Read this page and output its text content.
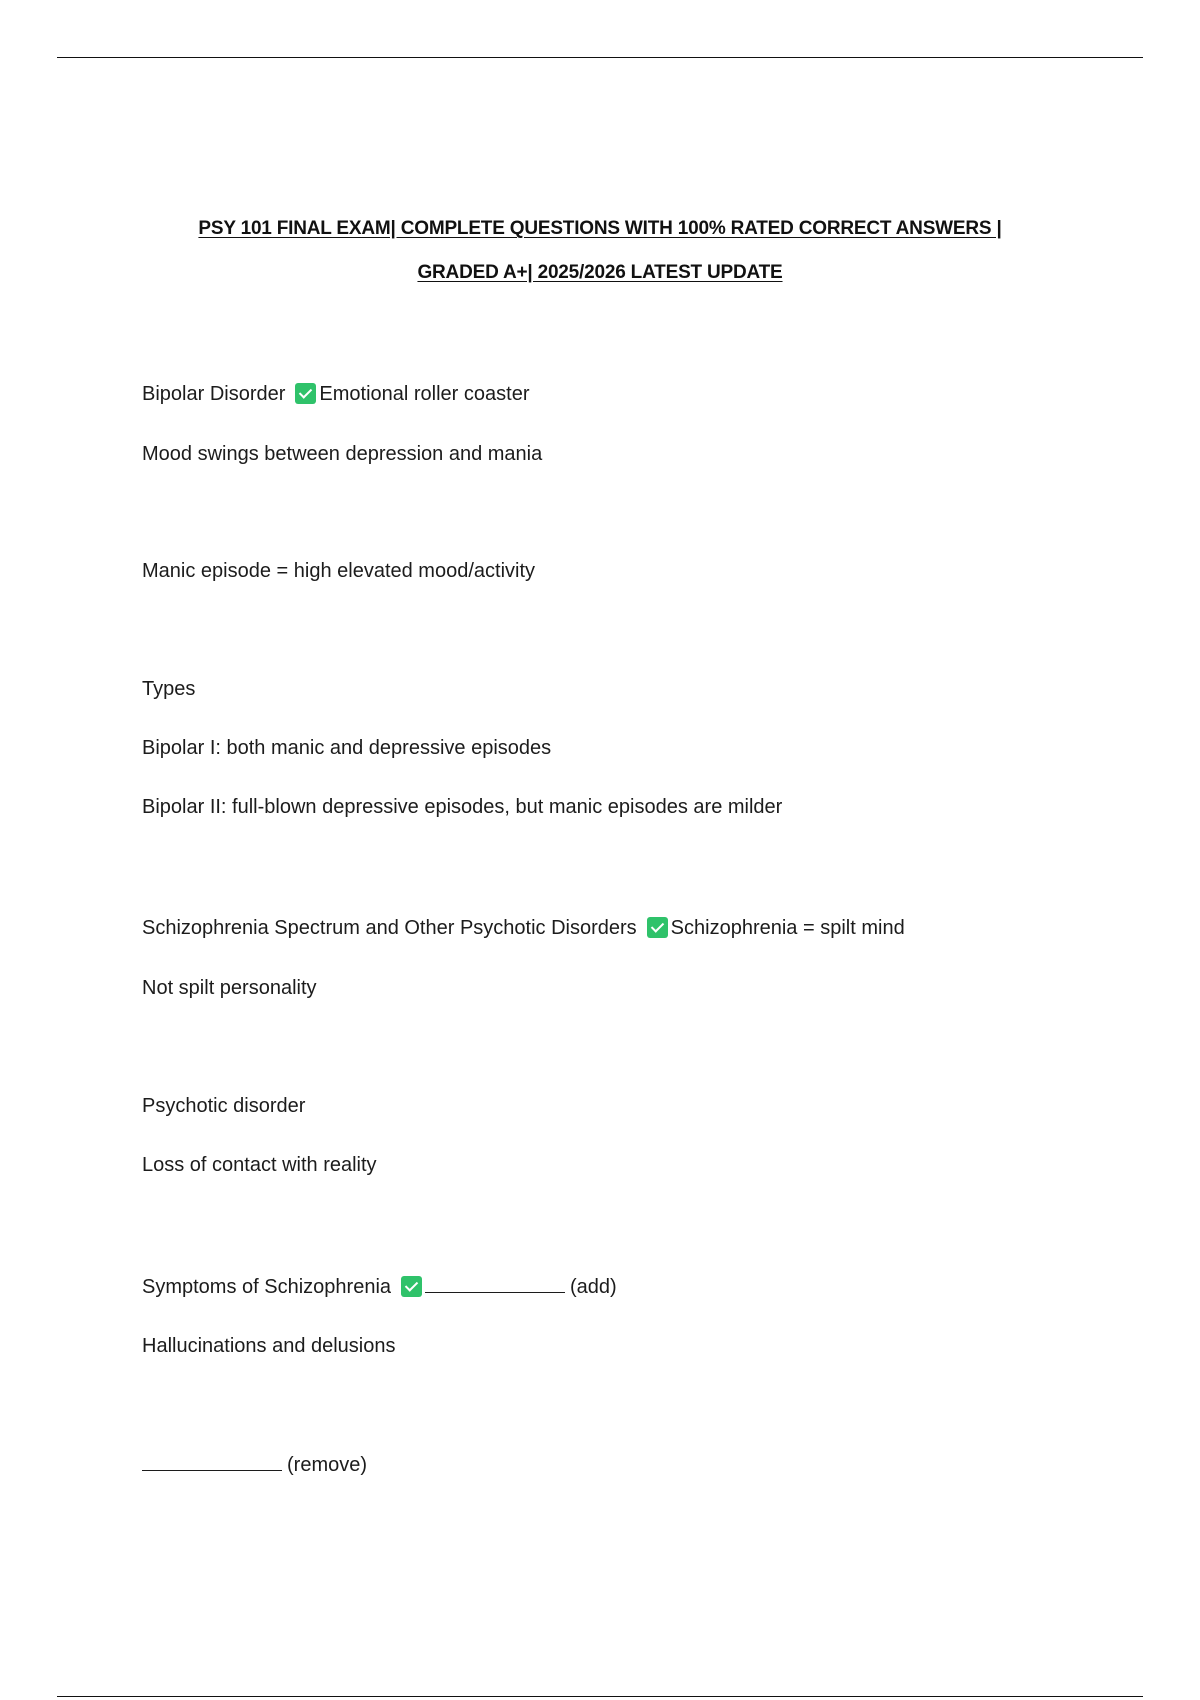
PSY 101 FINAL EXAM| COMPLETE QUESTIONS WITH 100% RATED CORRECT ANSWERS |
GRADED A+| 2025/2026 LATEST UPDATE
Bipolar Disorder Emotional roller coaster
Mood swings between depression and mania
Manic episode = high elevated mood/activity
Types
Bipolar I: both manic and depressive episodes
Bipolar II: full-blown depressive episodes, but manic episodes are milder
Schizophrenia Spectrum and Other Psychotic Disorders Schizophrenia = spilt mind
Not spilt personality
Psychotic disorder
Loss of contact with reality
Symptoms of Schizophrenia	(add)
Hallucinations and delusions
(remove)
